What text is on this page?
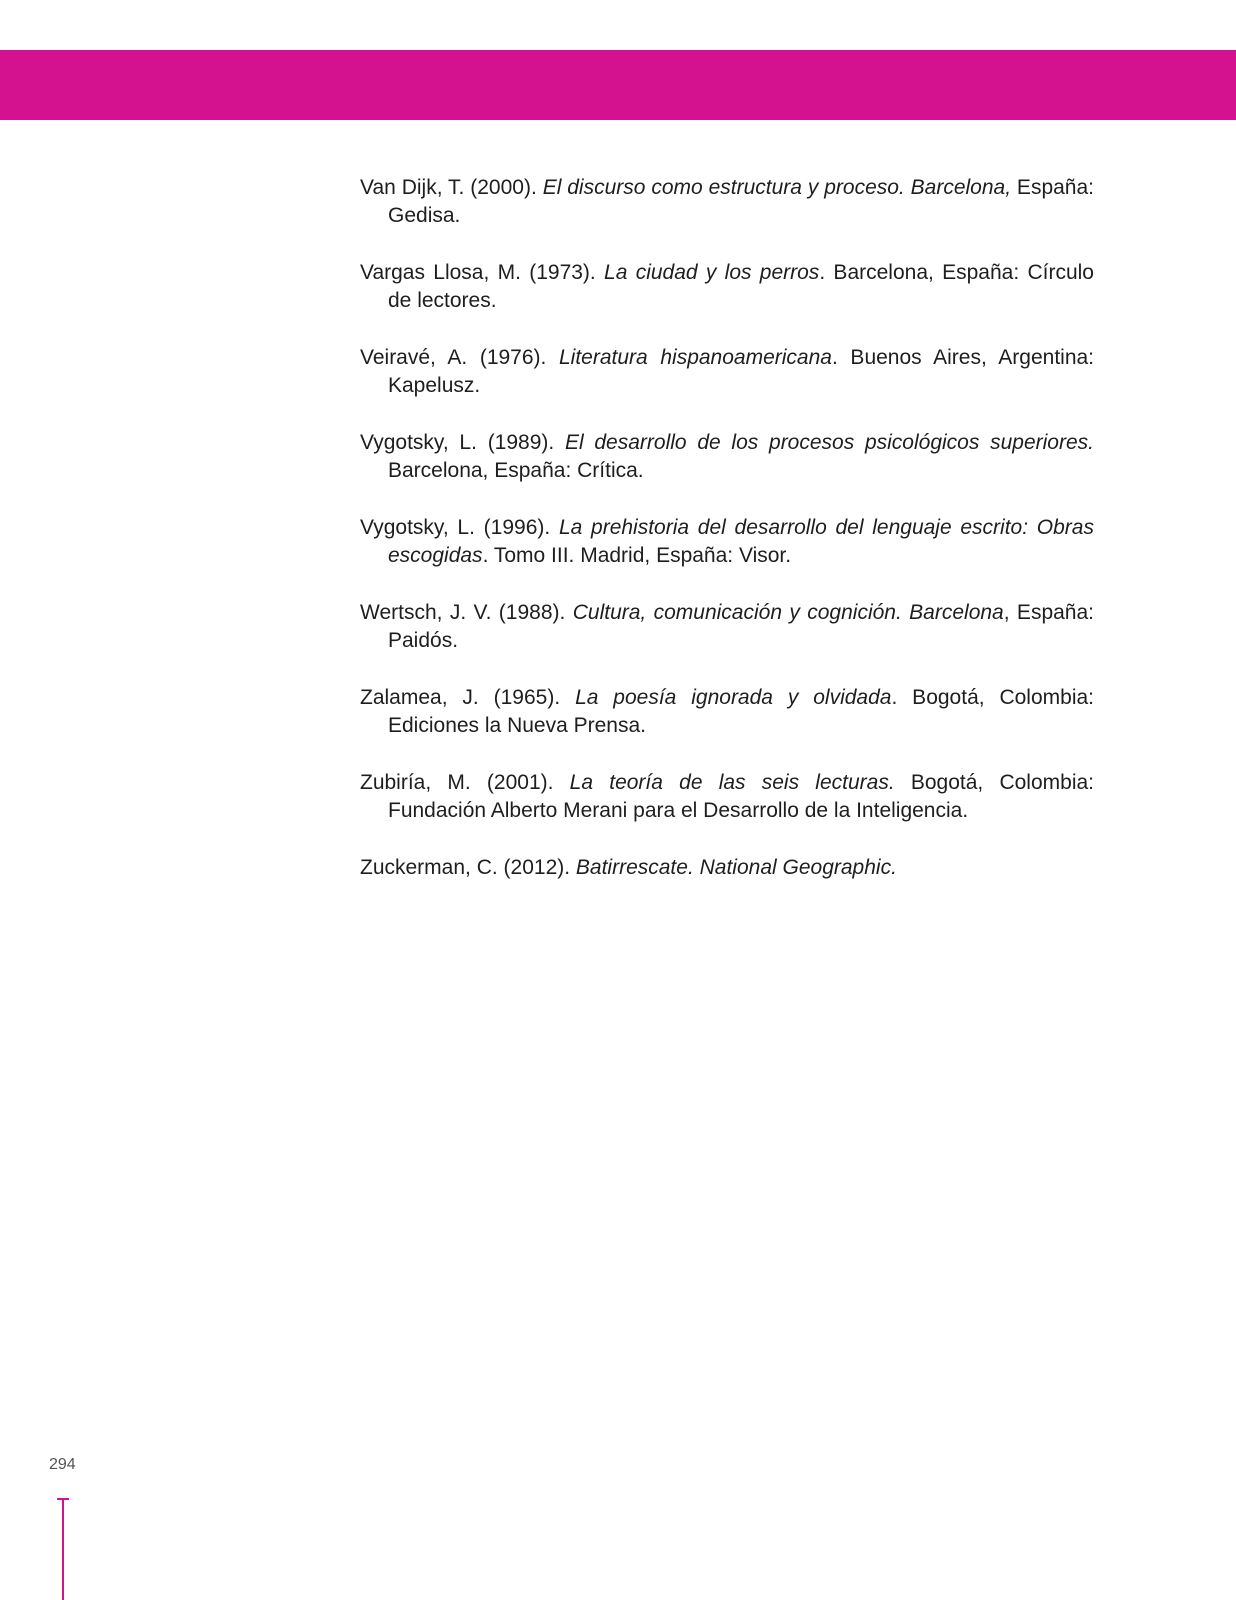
Van Dijk, T. (2000). El discurso como estructura y proceso. Barcelona, España: Gedisa.
Vargas Llosa, M. (1973). La ciudad y los perros. Barcelona, España: Círculo de lectores.
Veiravé, A. (1976). Literatura hispanoamericana. Buenos Aires, Argentina: Kapelusz.
Vygotsky, L. (1989). El desarrollo de los procesos psicológicos superiores. Barcelona, España: Crítica.
Vygotsky, L. (1996). La prehistoria del desarrollo del lenguaje escrito: Obras escogidas. Tomo III. Madrid, España: Visor.
Wertsch, J. V. (1988). Cultura, comunicación y cognición. Barcelona, España: Paidós.
Zalamea, J. (1965). La poesía ignorada y olvidada. Bogotá, Colombia: Ediciones la Nueva Prensa.
Zubiría, M. (2001). La teoría de las seis lecturas. Bogotá, Colombia: Fundación Alberto Merani para el Desarrollo de la Inteligencia.
Zuckerman, C. (2012). Batirrescate. National Geographic.
294
